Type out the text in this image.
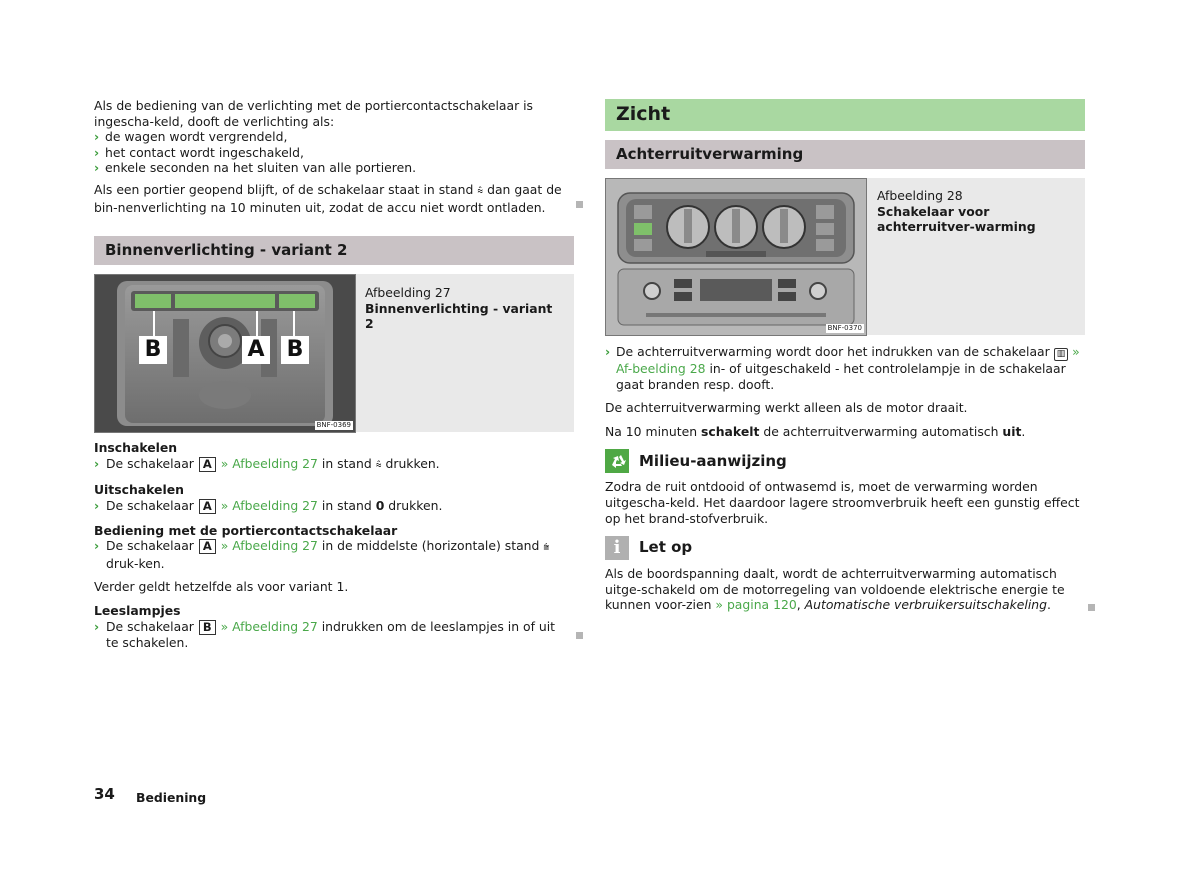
Als de bediening van de verlichting met de portiercontactschakelaar is ingescha-keld, dooft de verlichting als:

› de wagen wordt vergrendeld,
› het contact wordt ingeschakeld,
› enkele seconden na het sluiten van alle portieren.

Als een portier geopend blijft, of de schakelaar staat in stand ⩯ dan gaat de bin-nenverlichting na 10 minuten uit, zodat de accu niet wordt ontladen.

Binnenverlichting - variant 2
B	A B
BNF-0369
Afbeelding 27
Binnenverlichting - variant 2
Inschakelen
› De schakelaar A » Afbeelding 27 in stand ⩯ drukken.
Uitschakelen
› De schakelaar A » Afbeelding 27 in stand 0 drukken.
Bediening met de portiercontactschakelaar
› De schakelaar A » Afbeelding 27 in de middelste (horizontale) stand ⩭ druk-ken.

Verder geldt hetzelfde als voor variant 1.

Leeslampjes
› De schakelaar B » Afbeelding 27 indrukken om de leeslampjes in of uit te schakelen.
Zicht
Achterruitverwarming
BNF-0370
Afbeelding 28
Schakelaar voor achterruitver-warming
› De achterruitverwarming wordt door het indrukken van de schakelaar ▥ » Af-beelding 28 in- of uitgeschakeld - het controlelampje in de schakelaar gaat branden resp. dooft.

De achterruitverwarming werkt alleen als de motor draait.

Na 10 minuten schakelt de achterruitverwarming automatisch uit.

Milieu-aanwijzing

Zodra de ruit ontdooid of ontwasemd is, moet de verwarming worden uitgescha-keld. Het daardoor lagere stroomverbruik heeft een gunstig effect op het brand-stofverbruik.

i	Let op

Als de boordspanning daalt, wordt de achterruitverwarming automatisch uitge-schakeld om de motorregeling van voldoende elektrische energie te kunnen voor-zien » pagina 120, Automatische verbruikersuitschakeling.

34 Bediening
